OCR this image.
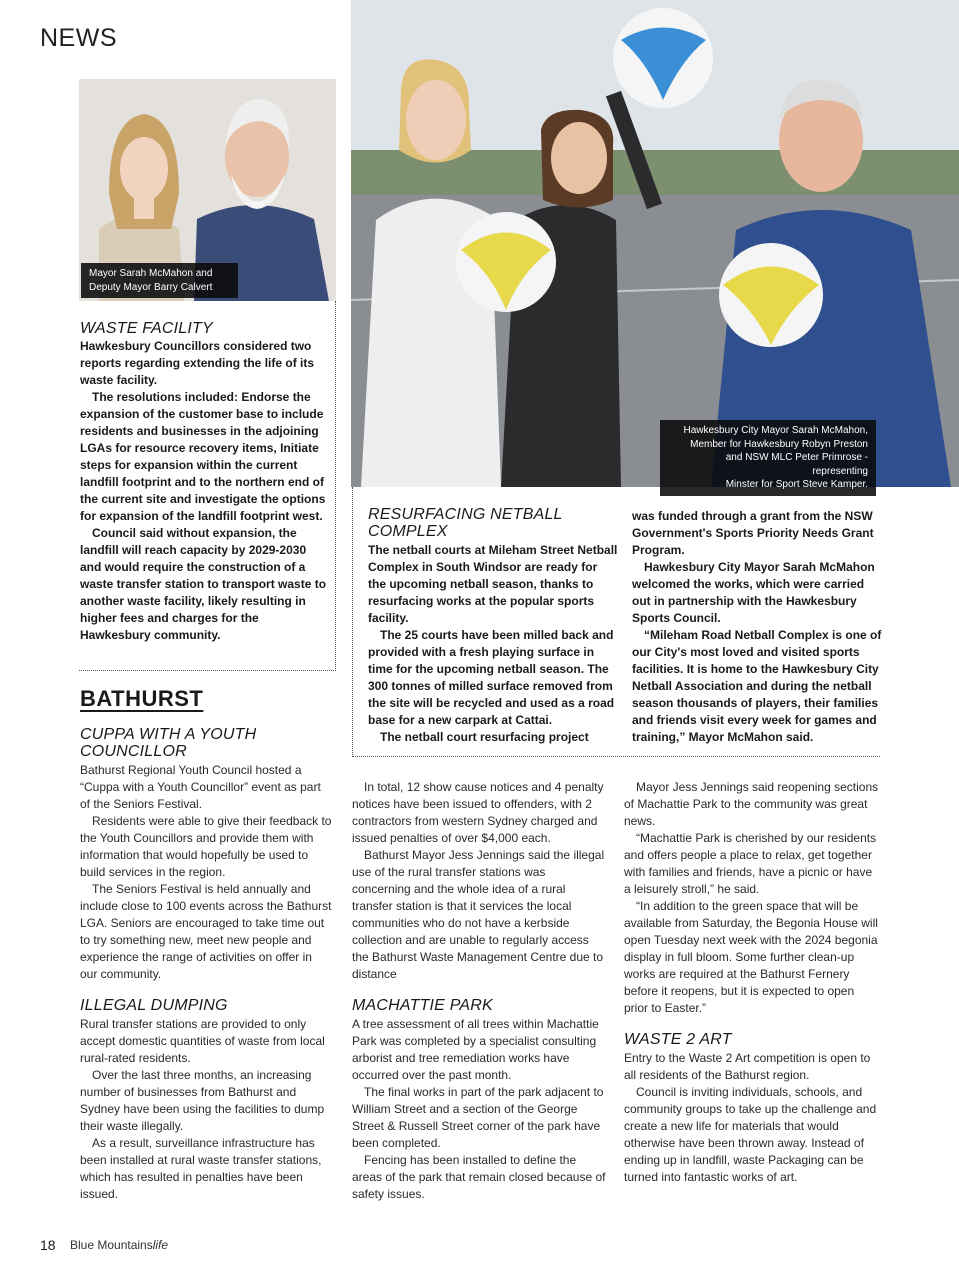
NEWS
Mayor Sarah McMahon and
Deputy Mayor Barry Calvert
Hawkesbury City Mayor Sarah McMahon,
Member for Hawkesbury Robyn Preston
and NSW MLC Peter Primrose - representing
Minster for Sport Steve Kamper.
WASTE FACILITY

Hawkesbury Councillors considered two reports regarding extending the life of its waste facility.

The resolutions included: Endorse the expansion of the customer base to include residents and businesses in the adjoining LGAs for resource recovery items, Initiate steps for expansion within the current landfill footprint and to the northern end of the current site and investigate the options for expansion of the landfill footprint west.

Council said without expansion, the landfill will reach capacity by 2029-2030 and would require the construction of a waste transfer station to transport waste to another waste facility, likely resulting in higher fees and charges for the Hawkesbury community.

RESURFACING NETBALL
COMPLEX

The netball courts at Mileham Street Netball Complex in South Windsor are ready for the upcoming netball season, thanks to resurfacing works at the popular sports facility.

The 25 courts have been milled back and provided with a fresh playing surface in time for the upcoming netball season. The 300 tonnes of milled surface removed from the site will be recycled and used as a road base for a new carpark at Cattai.

The netball court resurfacing project

was funded through a grant from the NSW Government's Sports Priority Needs Grant Program.

Hawkesbury City Mayor Sarah McMahon welcomed the works, which were carried out in partnership with the Hawkesbury Sports Council.

“Mileham Road Netball Complex is one of our City's most loved and visited sports facilities. It is home to the Hawkesbury City Netball Association and during the netball season thousands of players, their families and friends visit every week for games and training,” Mayor McMahon said.

BATHURST
CUPPA WITH A YOUTH
COUNCILLOR

Bathurst Regional Youth Council hosted a “Cuppa with a Youth Councillor” event as part of the Seniors Festival.

Residents were able to give their feedback to the Youth Councillors and provide them with information that would hopefully be used to build services in the region.

The Seniors Festival is held annually and include close to 100 events across the Bathurst LGA. Seniors are encouraged to take time out to try something new, meet new people and experience the range of activities on offer in our community.

ILLEGAL DUMPING

Rural transfer stations are provided to only accept domestic quantities of waste from local rural-rated residents.

Over the last three months, an increasing number of businesses from Bathurst and Sydney have been using the facilities to dump their waste illegally.

As a result, surveillance infrastructure has been installed at rural waste transfer stations, which has resulted in penalties have been issued.

In total, 12 show cause notices and 4 penalty notices have been issued to offenders, with 2 contractors from western Sydney charged and issued penalties of over $4,000 each.

Bathurst Mayor Jess Jennings said the illegal use of the rural transfer stations was concerning and the whole idea of a rural transfer station is that it services the local communities who do not have a kerbside collection and are unable to regularly access the Bathurst Waste Management Centre due to distance

MACHATTIE PARK

A tree assessment of all trees within Machattie Park was completed by a specialist consulting arborist and tree remediation works have occurred over the past month.

The final works in part of the park adjacent to William Street and a section of the George Street & Russell Street corner of the park have been completed.

Fencing has been installed to define the areas of the park that remain closed because of safety issues.

Mayor Jess Jennings said reopening sections of Machattie Park to the community was great news.

“Machattie Park is cherished by our residents and offers people a place to relax, get together with families and friends, have a picnic or have a leisurely stroll,” he said.

“In addition to the green space that will be available from Saturday, the Begonia House will open Tuesday next week with the 2024 begonia display in full bloom. Some further clean-up works are required at the Bathurst Fernery before it reopens, but it is expected to open prior to Easter.”

WASTE 2 ART

Entry to the Waste 2 Art competition is open to all residents of the Bathurst region.

Council is inviting individuals, schools, and community groups to take up the challenge and create a new life for materials that would otherwise have been thrown away. Instead of ending up in landfill, waste Packaging can be turned into fantastic works of art.

18 Blue Mountainslife
